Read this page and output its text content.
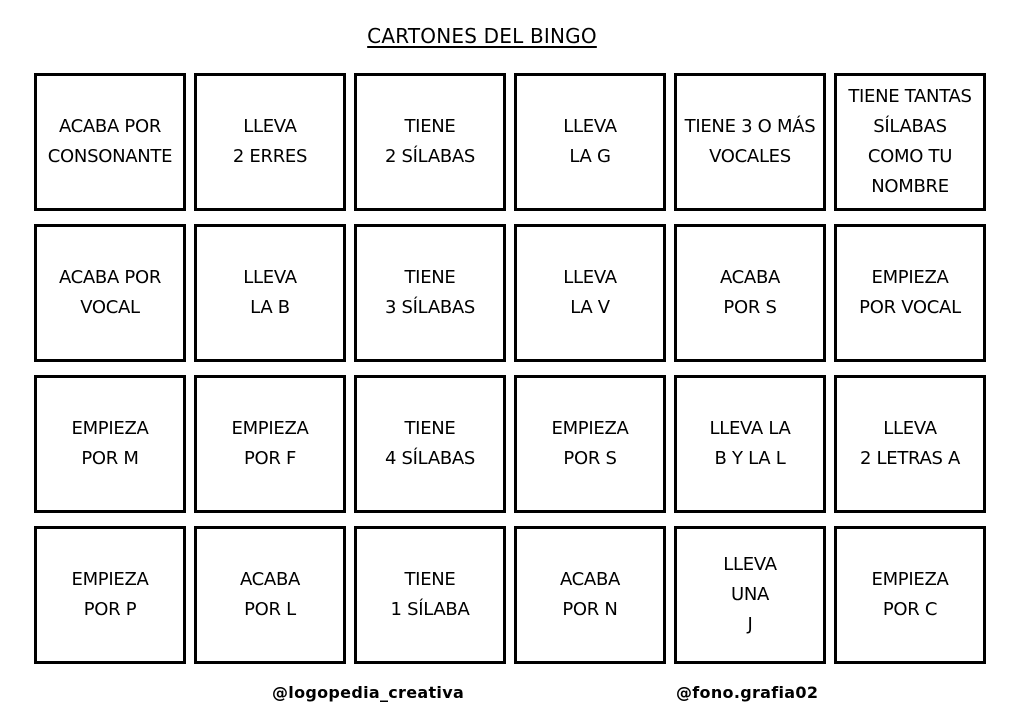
CARTONES DEL BINGO
ACABA POR
CONSONANTE
LLEVA
2 ERRES
TIENE
2 SÍLABAS
LLEVA
LA G
TIENE 3 O MÁS
VOCALES
TIENE TANTAS
SÍLABAS
COMO TU
NOMBRE
ACABA POR
VOCAL
LLEVA
LA B
TIENE
3 SÍLABAS
LLEVA
LA V
ACABA
POR S
EMPIEZA
POR VOCAL
EMPIEZA
POR M
EMPIEZA
POR F
TIENE
4 SÍLABAS
EMPIEZA
POR S
LLEVA LA
B Y LA L
LLEVA
2 LETRAS A
EMPIEZA
POR P
ACABA
POR L
TIENE
1 SÍLABA
ACABA
POR N
LLEVA
UNA
J
EMPIEZA
POR C
@logopedia_creativa	@fono.grafia02
